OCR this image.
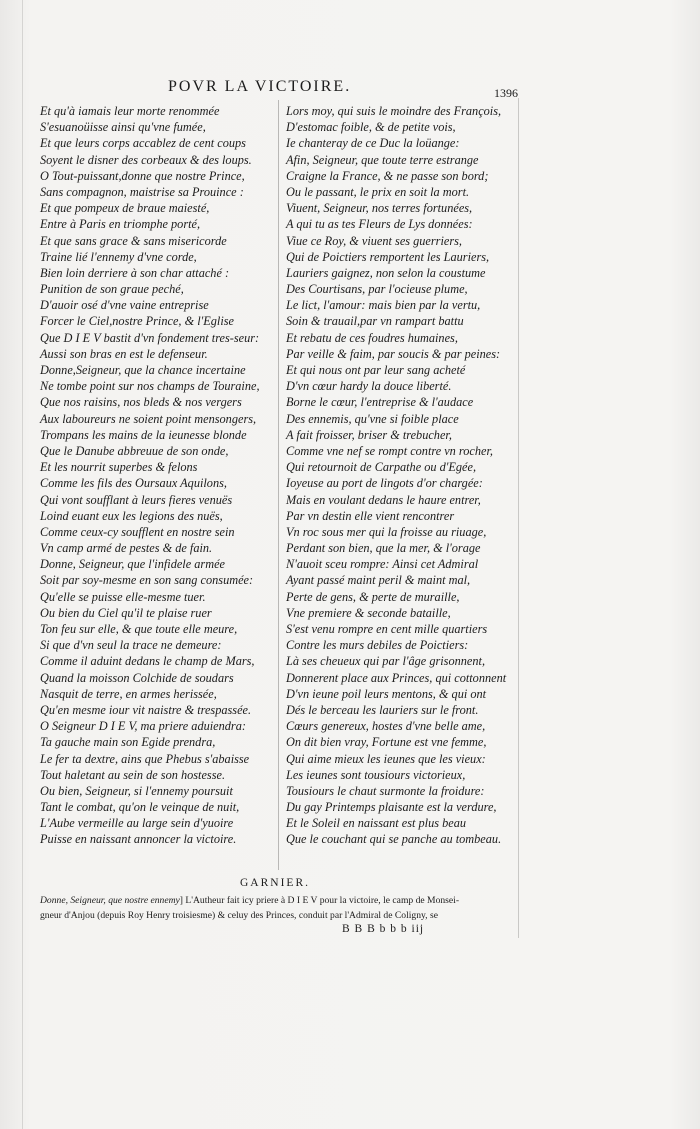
POVR LA VICTOIRE.	1396
Et qu'à iamais leur morte renommée
S'esuanoüisse ainsi qu'vne fumée,
Et que leurs corps accablez de cent coups
Soyent le disner des corbeaux & des loups.
O Tout-puissant,donne que nostre Prince,
Sans compagnon, maistrise sa Prouince :
Et que pompeux de braue maiesté,
Entre à Paris en triomphe porté,
Et que sans grace & sans misericorde
Traine lié l'ennemy d'vne corde,
Bien loin derriere à son char attaché :
Punition de son graue peché,
D'auoir osé d'vne vaine entreprise
Forcer le Ciel,nostre Prince, & l'Eglise
Que D I E V bastit d'vn fondement tres-seur:
Aussi son bras en est le defenseur.
Donne,Seigneur, que la chance incertaine
Ne tombe point sur nos champs de Touraine,
Que nos raisins, nos bleds & nos vergers
Aux laboureurs ne soient point mensongers,
Trompans les mains de la ieunesse blonde
Que le Danube abbreuue de son onde,
Et les nourrit superbes & felons
Comme les fils des Oursaux Aquilons,
Qui vont soufflant à leurs fieres venuës
Loind euant eux les legions des nuës,
Comme ceux-cy soufflent en nostre sein
Vn camp armé de pestes & de fain.
Donne, Seigneur, que l'infidele armée
Soit par soy-mesme en son sang consumée:
Qu'elle se puisse elle-mesme tuer.
Ou bien du Ciel qu'il te plaise ruer
Ton feu sur elle, & que toute elle meure,
Si que d'vn seul la trace ne demeure:
Comme il aduint dedans le champ de Mars,
Quand la moisson Colchide de soudars
Nasquit de terre, en armes herissée,
Qu'en mesme iour vit naistre & trespassée.
O Seigneur D I E V, ma priere aduiendra:
Ta gauche main son Egide prendra,
Le fer ta dextre, ains que Phebus s'abaisse
Tout haletant au sein de son hostesse.
Ou bien, Seigneur, si l'ennemy poursuit
Tant le combat, qu'on le veinque de nuit,
L'Aube vermeille au large sein d'yuoire
Puisse en naissant annoncer la victoire.
Lors moy, qui suis le moindre des François,
D'estomac foible, & de petite vois,
Ie chanteray de ce Duc la loüange:
Afin, Seigneur, que toute terre estrange
Craigne la France, & ne passe son bord;
Ou le passant, le prix en soit la mort.
Viuent, Seigneur, nos terres fortunées,
A qui tu as tes Fleurs de Lys données:
Viue ce Roy, & viuent ses guerriers,
Qui de Poictiers remportent les Lauriers,
Lauriers gaignez, non selon la coustume
Des Courtisans, par l'ocieuse plume,
Le lict, l'amour: mais bien par la vertu,
Soin & trauail,par vn rampart battu
Et rebatu de ces foudres humaines,
Par veille & faim, par soucis & par peines:
Et qui nous ont par leur sang acheté
D'vn cœur hardy la douce liberté.
Borne le cœur, l'entreprise & l'audace
Des ennemis, qu'vne si foible place
A fait froisser, briser & trebucher,
Comme vne nef se rompt contre vn rocher,
Qui retournoit de Carpathe ou d'Egée,
Ioyeuse au port de lingots d'or chargée:
Mais en voulant dedans le haure entrer,
Par vn destin elle vient rencontrer
Vn roc sous mer qui la froisse au riuage,
Perdant son bien, que la mer, & l'orage
N'auoit sceu rompre: Ainsi cet Admiral
Ayant passé maint peril & maint mal,
Perte de gens, & perte de muraille,
Vne premiere & seconde bataille,
S'est venu rompre en cent mille quartiers
Contre les murs debiles de Poictiers:
Là ses cheueux qui par l'âge grisonnent,
Donnerent place aux Princes, qui cottonnent
D'vn ieune poil leurs mentons, & qui ont
Dés le berceau les lauriers sur le front.
Cœurs genereux, hostes d'vne belle ame,
On dit bien vray, Fortune est vne femme,
Qui aime mieux les ieunes que les vieux:
Les ieunes sont tousiours victorieux,
Tousiours le chaut surmonte la froidure:
Du gay Printemps plaisante est la verdure,
Et le Soleil en naissant est plus beau
Que le couchant qui se panche au tombeau.
GARNIER.
Donne, Seigneur, que nostre ennemy] L'Autheur fait icy priere à D I E V pour la victoire, le camp de Monsei-
gneur d'Anjou (depuis Roy Henry troisiesme) & celuy des Princes, conduit par l'Admiral de Coligny, se
B B B b b b iij
